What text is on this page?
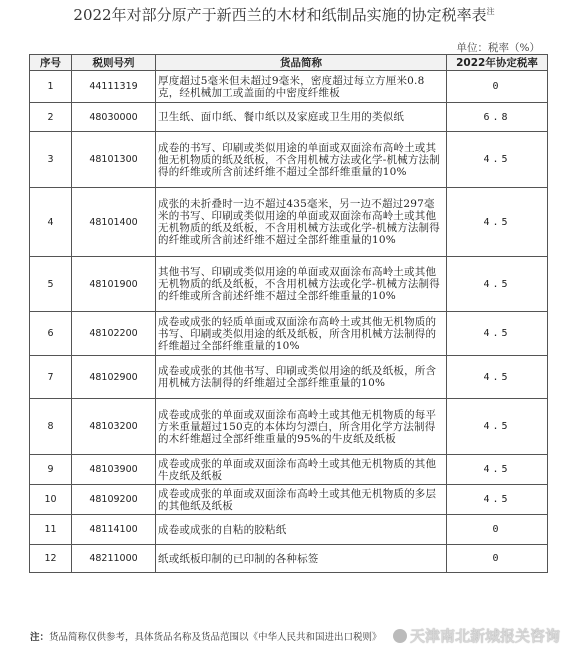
2022年对部分原产于新西兰的木材和纸制品实施的协定税率表$^注$
单位：税率（%）
序号	税则号列	货品简称	2022年协定税率
1	44111319	厚度超过5毫米但未超过9毫米，密度超过每立方厘米0.8克，经机械加工或盖面的中密度纤维板	0
2	48030000	卫生纸、面巾纸、餐巾纸以及家庭或卫生用的类似纸	6.8
3	48101300	成卷的书写、印刷或类似用途的单面或双面涂布高岭土或其他无机物质的纸及纸板，不含用机械方法或化学-机械方法制得的纤维或所含前述纤维不超过全部纤维重量的10%	4.5
4	48101400	成张的未折叠时一边不超过435毫米，另一边不超过297毫米的书写、印刷或类似用途的单面或双面涂布高岭土或其他无机物质的纸及纸板，不含用机械方法或化学-机械方法制得的纤维或所含前述纤维不超过全部纤维重量的10%	4.5
5	48101900	其他书写、印刷或类似用途的单面或双面涂布高岭土或其他无机物质的纸及纸板，不含用机械方法或化学-机械方法制得的纤维或所含前述纤维不超过全部纤维重量的10%	4.5
6	48102200	成卷或成张的轻质单面或双面涂布高岭土或其他无机物质的书写、印刷或类似用途的纸及纸板，所含用机械方法制得的纤维超过全部纤维重量的10%	4.5
7	48102900	成卷或成张的其他书写、印刷或类似用途的纸及纸板，所含用机械方法制得的纤维超过全部纤维重量的10%	4.5
8	48103200	成卷或成张的单面或双面涂布高岭土或其他无机物质的每平方米重量超过150克的本体均匀漂白，所含用化学方法制得的木纤维超过全部纤维重量的95%的牛皮纸及纸板	4.5
9	48103900	成卷或成张的单面或双面涂布高岭土或其他无机物质的其他牛皮纸及纸板	4.5
10	48109200	成卷或成张的单面或双面涂布高岭土或其他无机物质的多层的其他纸及纸板	4.5
11	48114100	成卷或成张的自粘的胶粘纸	0
12	48211000	纸或纸板印制的已印制的各种标签	0
注：货品简称仅供参考，具体货品名称及货品范围以《中华人民共和国进出口税则》	天津南北新城报关咨询
